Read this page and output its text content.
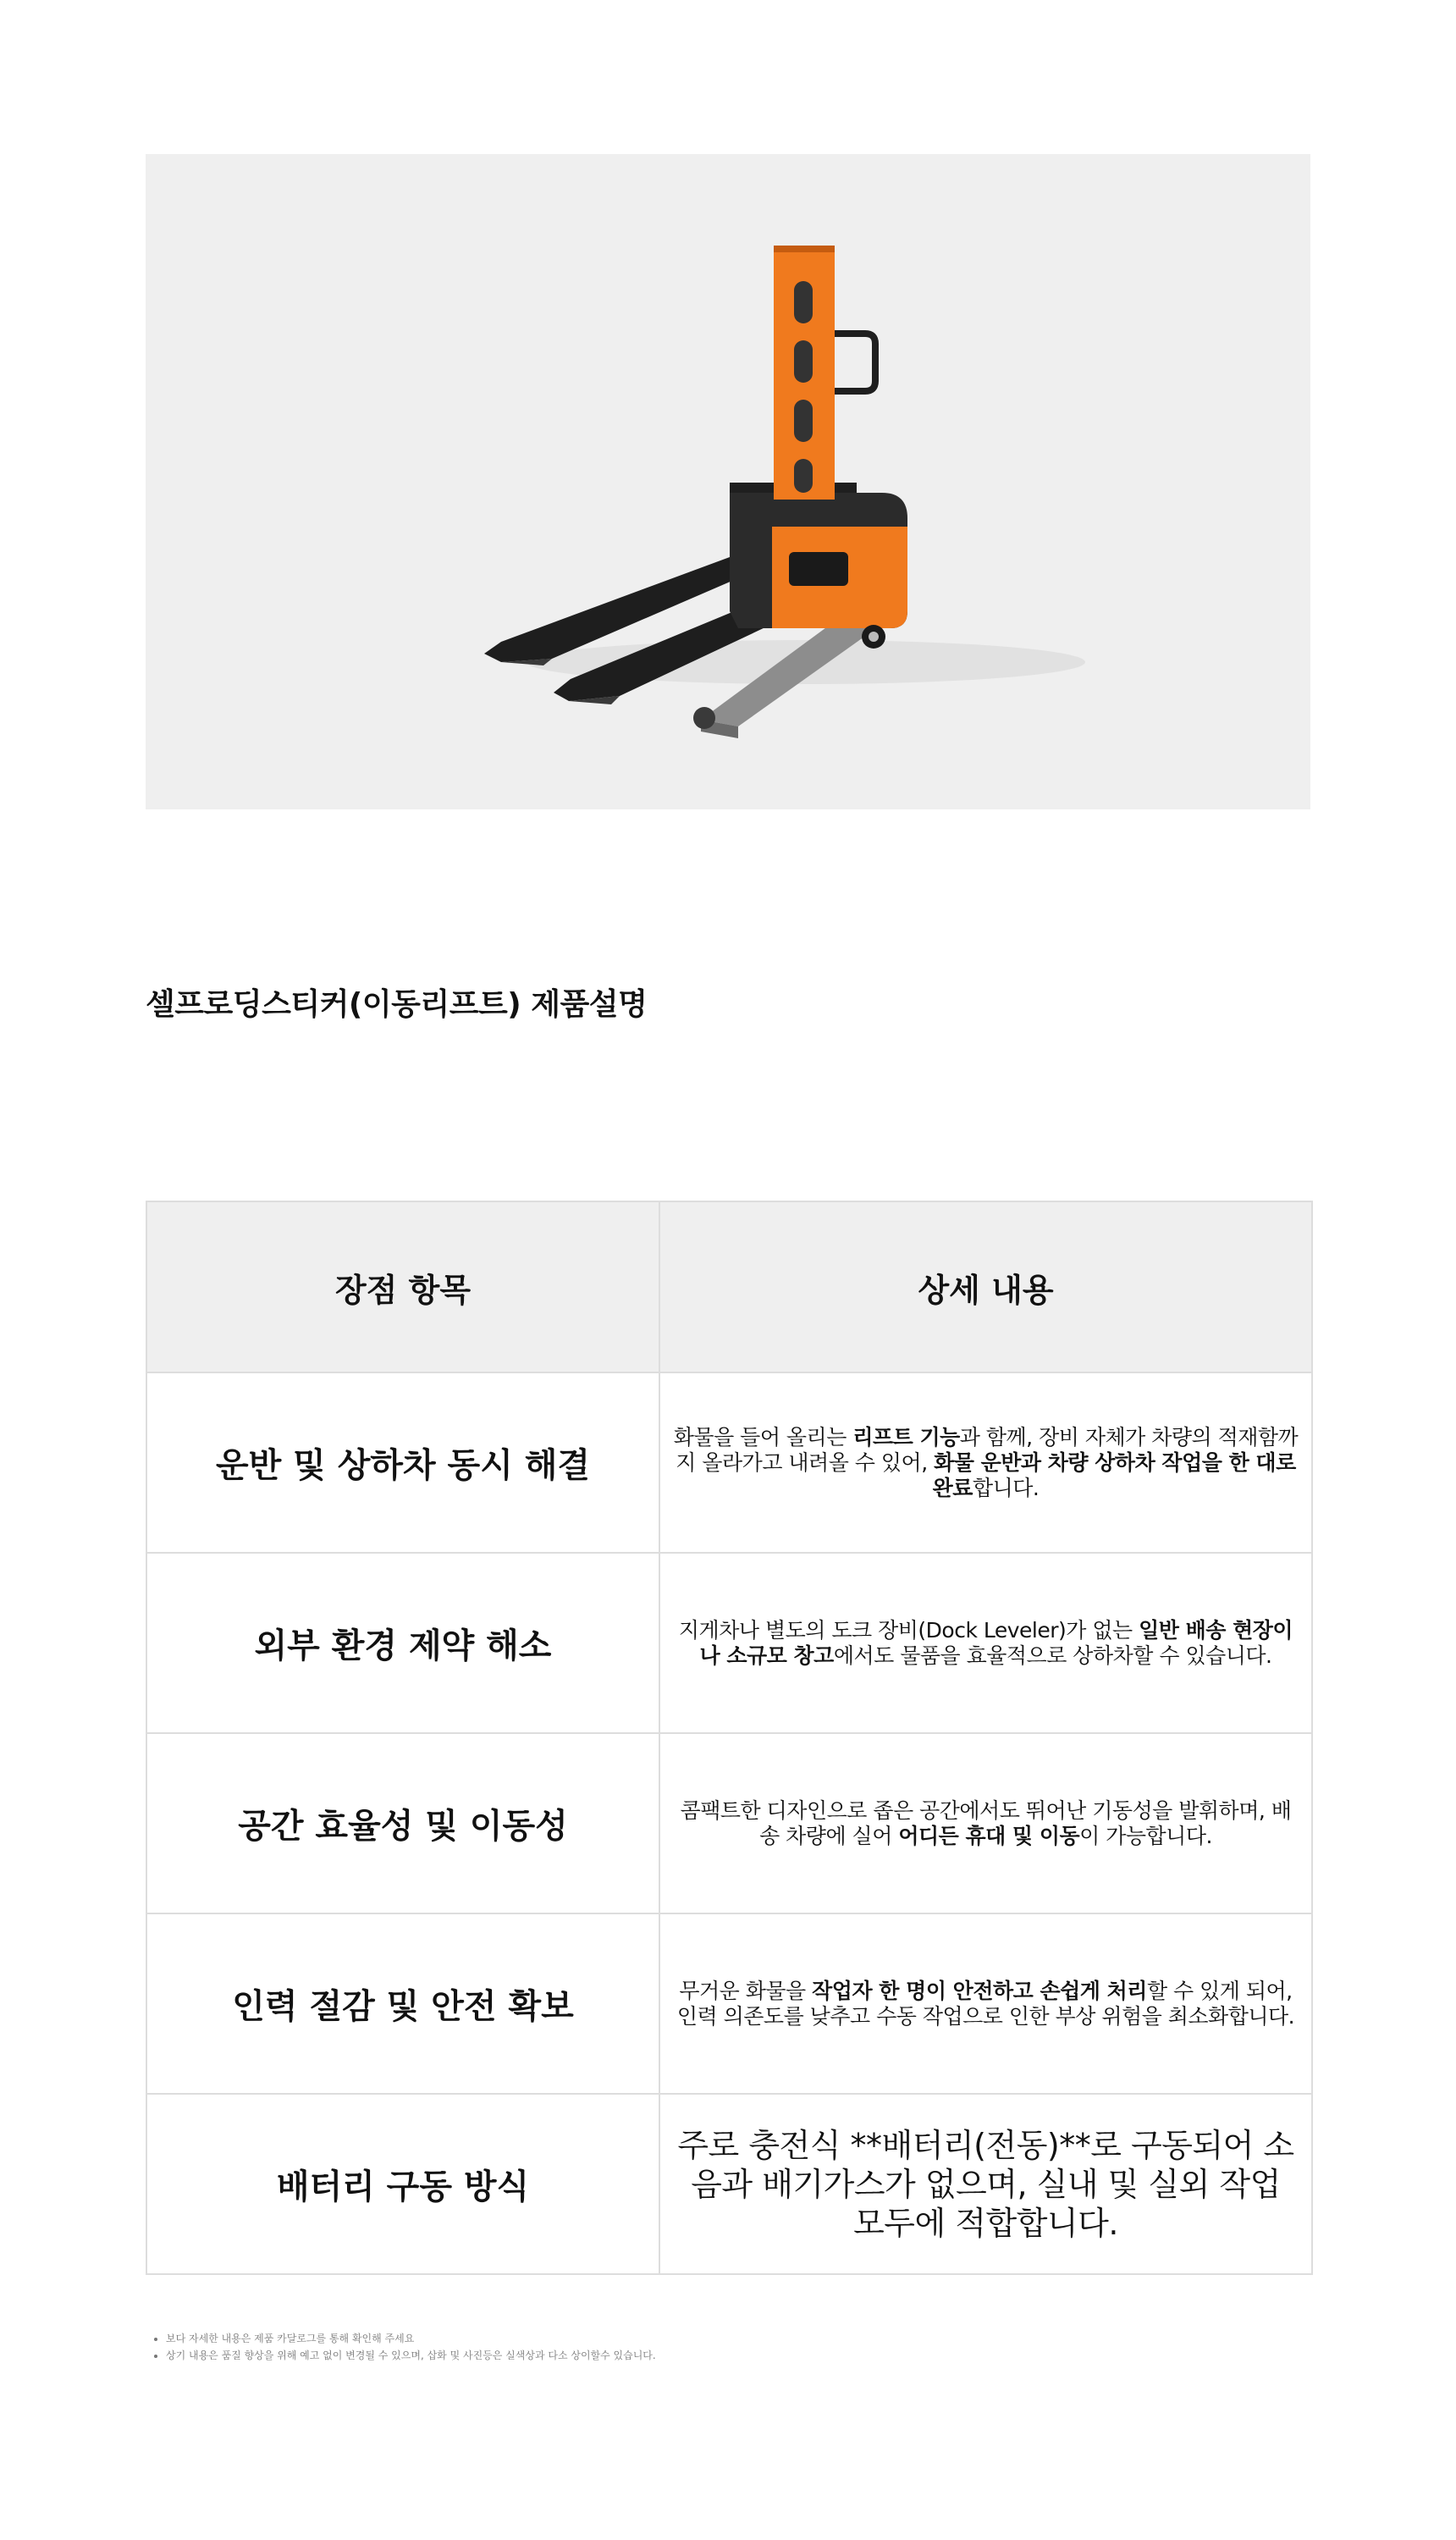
셀프로딩스티커(이동리프트) 제품설명
장점 항목	상세 내용
운반 및 상하차 동시 해결	화물을 들어 올리는 리프트 기능과 함께, 장비 자체가 차량의 적재함까지 올라가고 내려올 수 있어, 화물 운반과 차량 상하차 작업을 한 대로 완료합니다.
외부 환경 제약 해소	지게차나 별도의 도크 장비(Dock Leveler)가 없는 일반 배송 현장이나 소규모 창고에서도 물품을 효율적으로 상하차할 수 있습니다.
공간 효율성 및 이동성	콤팩트한 디자인으로 좁은 공간에서도 뛰어난 기동성을 발휘하며, 배송 차량에 실어 어디든 휴대 및 이동이 가능합니다.
인력 절감 및 안전 확보	무거운 화물을 작업자 한 명이 안전하고 손쉽게 처리할 수 있게 되어, 인력 의존도를 낮추고 수동 작업으로 인한 부상 위험을 최소화합니다.
배터리 구동 방식	주로 충전식 **배터리(전동)**로 구동되어 소음과 배기가스가 없으며, 실내 및 실외 작업 모두에 적합합니다.
• 보다 자세한 내용은 제품 카달로그를 통해 확인해 주세요
• 상기 내용은 품질 향상을 위해 예고 없이 변경될 수 있으며, 삽화 및 사진등은 실색상과 다소 상이할수 있습니다.
